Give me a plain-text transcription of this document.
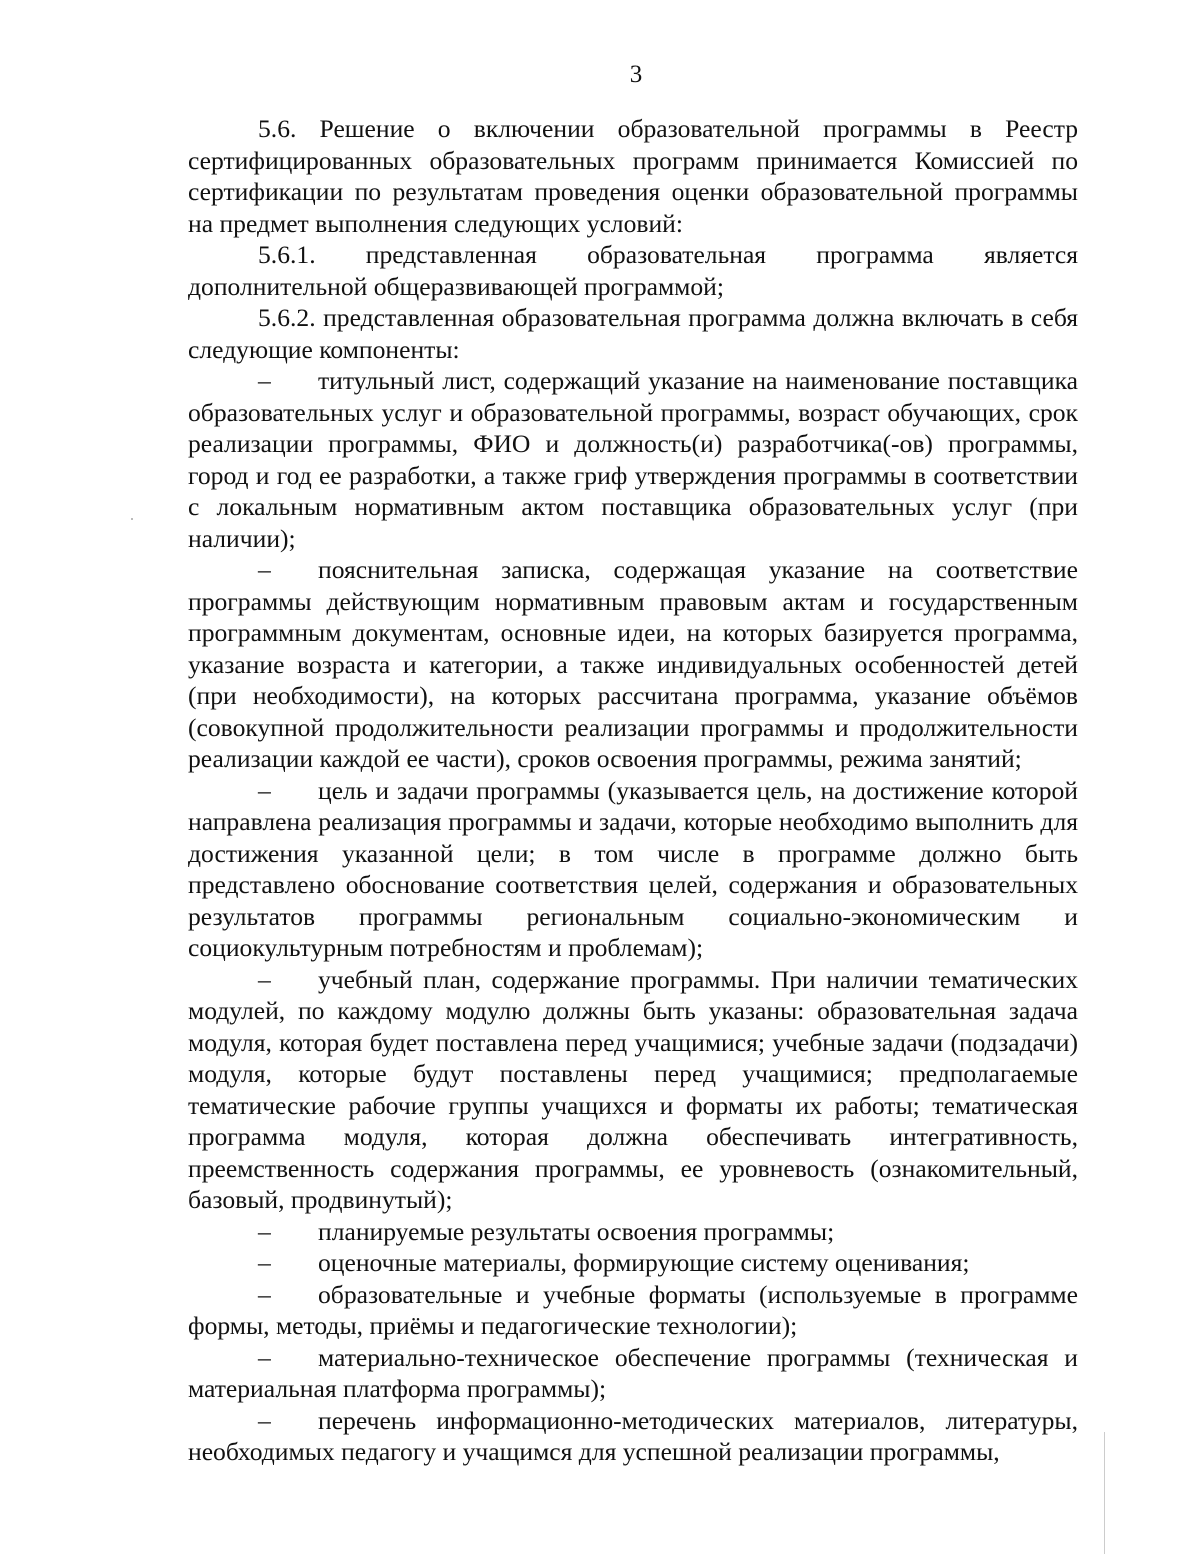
3

5.6. Решение о включении образовательной программы в Реестр сертифицированных образовательных программ принимается Комиссией по сертификации по результатам проведения оценки образовательной программы на предмет выполнения следующих условий:

5.6.1. представленная образовательная программа является дополнительной общеразвивающей программой;

5.6.2. представленная образовательная программа должна включать в себя следующие компоненты:

– титульный лист, содержащий указание на наименование поставщика образовательных услуг и образовательной программы, возраст обучающих, срок реализации программы, ФИО и должность(и) разработчика(-ов) программы, город и год ее разработки, а также гриф утверждения программы в соответствии с локальным нормативным актом поставщика образовательных услуг (при наличии);

– пояснительная записка, содержащая указание на соответствие программы действующим нормативным правовым актам и государственным программным документам, основные идеи, на которых базируется программа, указание возраста и категории, а также индивидуальных особенностей детей (при необходимости), на которых рассчитана программа, указание объёмов (совокупной продолжительности реализации программы и продолжительности реализации каждой ее части), сроков освоения программы, режима занятий;

– цель и задачи программы (указывается цель, на достижение которой направлена реализация программы и задачи, которые необходимо выполнить для достижения указанной цели; в том числе в программе должно быть представлено обоснование соответствия целей, содержания и образовательных результатов программы региональным социально-экономическим и социокультурным потребностям и проблемам);

– учебный план, содержание программы. При наличии тематических модулей, по каждому модулю должны быть указаны: образовательная задача модуля, которая будет поставлена перед учащимися; учебные задачи (подзадачи) модуля, которые будут поставлены перед учащимися; предполагаемые тематические рабочие группы учащихся и форматы их работы; тематическая программа модуля, которая должна обеспечивать интегративность, преемственность содержания программы, ее уровневость (ознакомительный, базовый, продвинутый);

– планируемые результаты освоения программы;

– оценочные материалы, формирующие систему оценивания;

– образовательные и учебные форматы (используемые в программе формы, методы, приёмы и педагогические технологии);

– материально-техническое обеспечение программы (техническая и материальная платформа программы);

– перечень информационно-методических материалов, литературы, необходимых педагогу и учащимся для успешной реализации программы,
